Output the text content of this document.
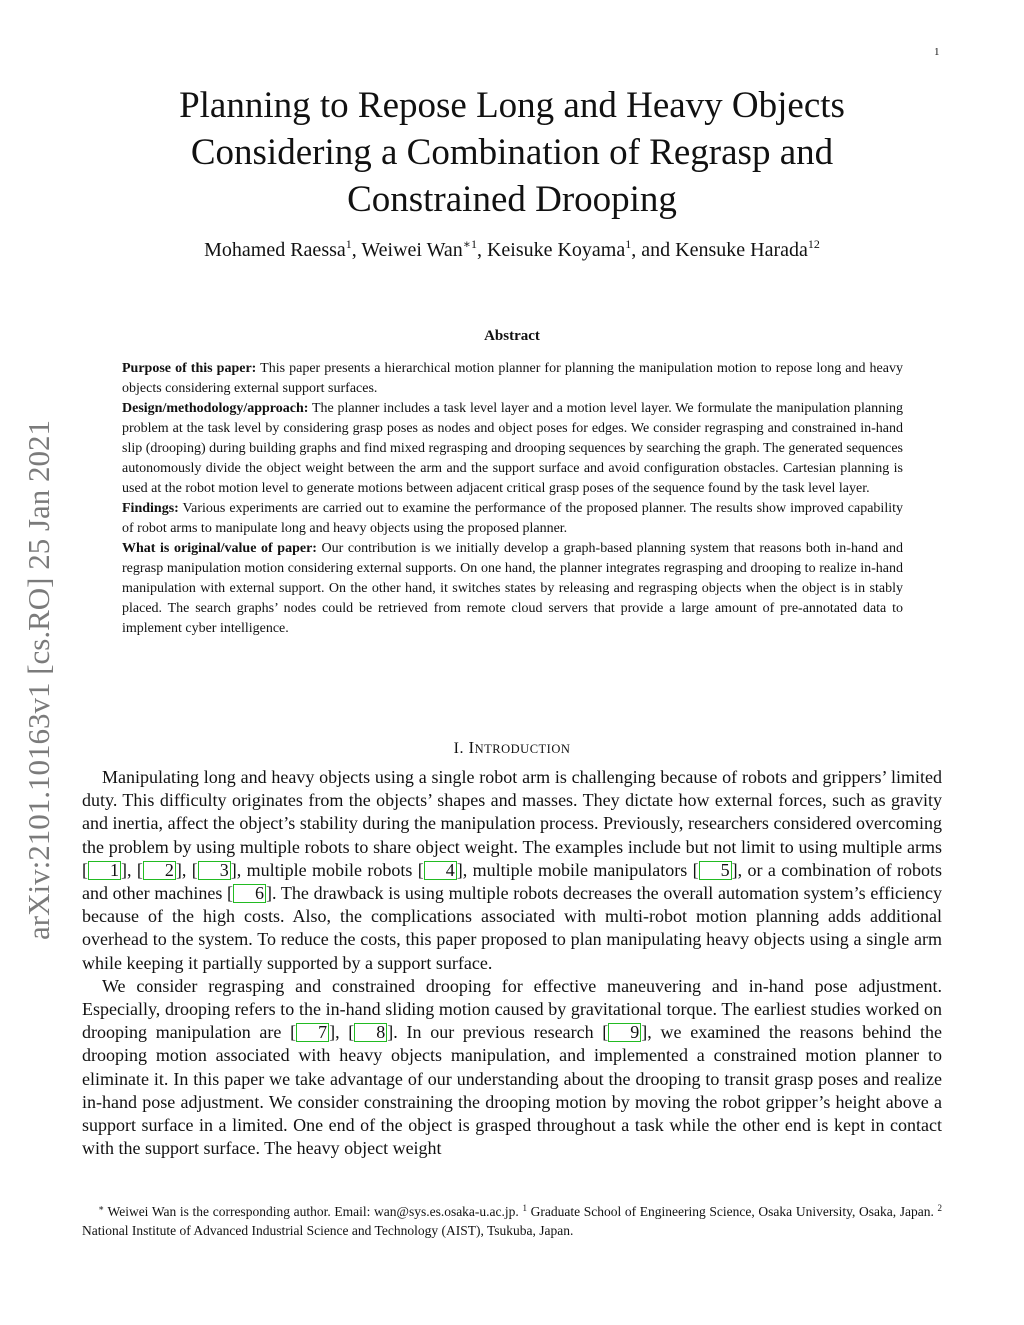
1
arXiv:2101.10163v1 [cs.RO] 25 Jan 2021
Planning to Repose Long and Heavy Objects
Considering a Combination of Regrasp and
Constrained Drooping
Mohamed Raessa$^1$, Weiwei Wan$^{∗1}$, Keisuke Koyama$^1$, and Kensuke Harada$^{12}$
Abstract

Purpose of this paper: This paper presents a hierarchical motion planner for planning the manipulation motion to repose long and heavy objects considering external support surfaces.

Design/methodology/approach: The planner includes a task level layer and a motion level layer. We formulate the manipulation planning problem at the task level by considering grasp poses as nodes and object poses for edges. We consider regrasping and constrained in-hand slip (drooping) during building graphs and find mixed regrasping and drooping sequences by searching the graph. The generated sequences autonomously divide the object weight between the arm and the support surface and avoid configuration obstacles. Cartesian planning is used at the robot motion level to generate motions between adjacent critical grasp poses of the sequence found by the task level layer.

Findings: Various experiments are carried out to examine the performance of the proposed planner. The results show improved capability of robot arms to manipulate long and heavy objects using the proposed planner.

What is original/value of paper: Our contribution is we initially develop a graph-based planning system that reasons both in-hand and regrasp manipulation motion considering external supports. On one hand, the planner integrates regrasping and drooping to realize in-hand manipulation with external support. On the other hand, it switches states by releasing and regrasping objects when the object is in stably placed. The search graphs’ nodes could be retrieved from remote cloud servers that provide a large amount of pre-annotated data to implement cyber intelligence.

I. INTRODUCTION

Manipulating long and heavy objects using a single robot arm is challenging because of robots and grippers’ limited duty. This difficulty originates from the objects’ shapes and masses. They dictate how external forces, such as gravity and inertia, affect the object’s stability during the manipulation process. Previously, researchers considered overcoming the problem by using multiple robots to share object weight. The examples include but not limit to using multiple arms [ 1 ], [ 2 ], [ 3 ], multiple mobile robots [ 4 ], multiple mobile manipulators [ 5 ], or a combination of robots and other machines [ 6 ]. The drawback is using multiple robots decreases the overall automation system’s efficiency because of the high costs. Also, the complications associated with multi-robot motion planning adds additional overhead to the system. To reduce the costs, this paper proposed to plan manipulating heavy objects using a single arm while keeping it partially supported by a support surface.

We consider regrasping and constrained drooping for effective maneuvering and in-hand pose adjustment. Especially, drooping refers to the in-hand sliding motion caused by gravitational torque. The earliest studies worked on drooping manipulation are [ 7 ], [ 8 ]. In our previous research [ 9 ], we examined the reasons behind the drooping motion associated with heavy objects manipulation, and implemented a constrained motion planner to eliminate it. In this paper we take advantage of our understanding about the drooping to transit grasp poses and realize in-hand pose adjustment. We consider constraining the drooping motion by moving the robot gripper’s height above a support surface in a limited. One end of the object is grasped throughout a task while the other end is kept in contact with the support surface. The heavy object weight

∗ Weiwei Wan is the corresponding author. Email: wan@sys.es.osaka-u.ac.jp. $^1$ Graduate School of Engineering Science, Osaka University, Osaka, Japan. $^2$ National Institute of Advanced Industrial Science and Technology (AIST), Tsukuba, Japan.
